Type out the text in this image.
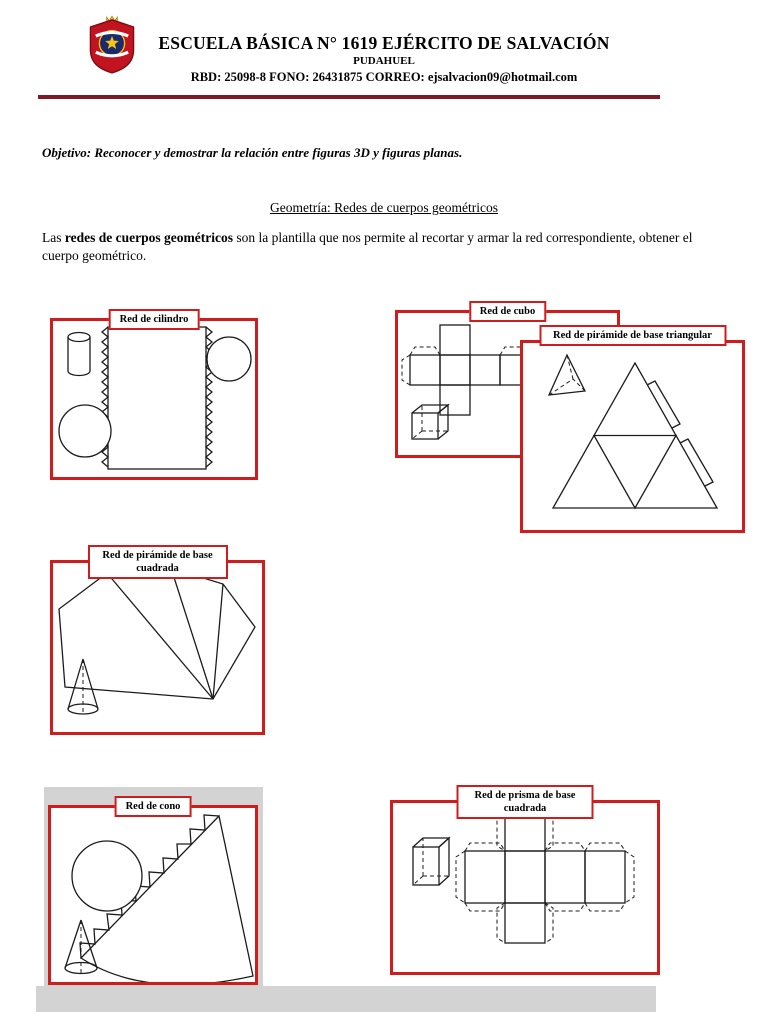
ESCUELA BÁSICA N° 1619 EJÉRCITO DE SALVACIÓN
PUDAHUEL
RBD: 25098-8 FONO: 26431875 CORREO: ejsalvacion09@hotmail.com

Objetivo: Reconocer y demostrar la relación entre figuras 3D y figuras planas.

Geometría: Redes de cuerpos geométricos

Las redes de cuerpos geométricos son la plantilla que nos permite al recortar y armar la red correspondiente, obtener el cuerpo geométrico.

Red de cilindro
Red de cubo
Red de pirámide de base triangular
Red de pirámide de base cuadrada
Red de cono
Red de prisma de base cuadrada
